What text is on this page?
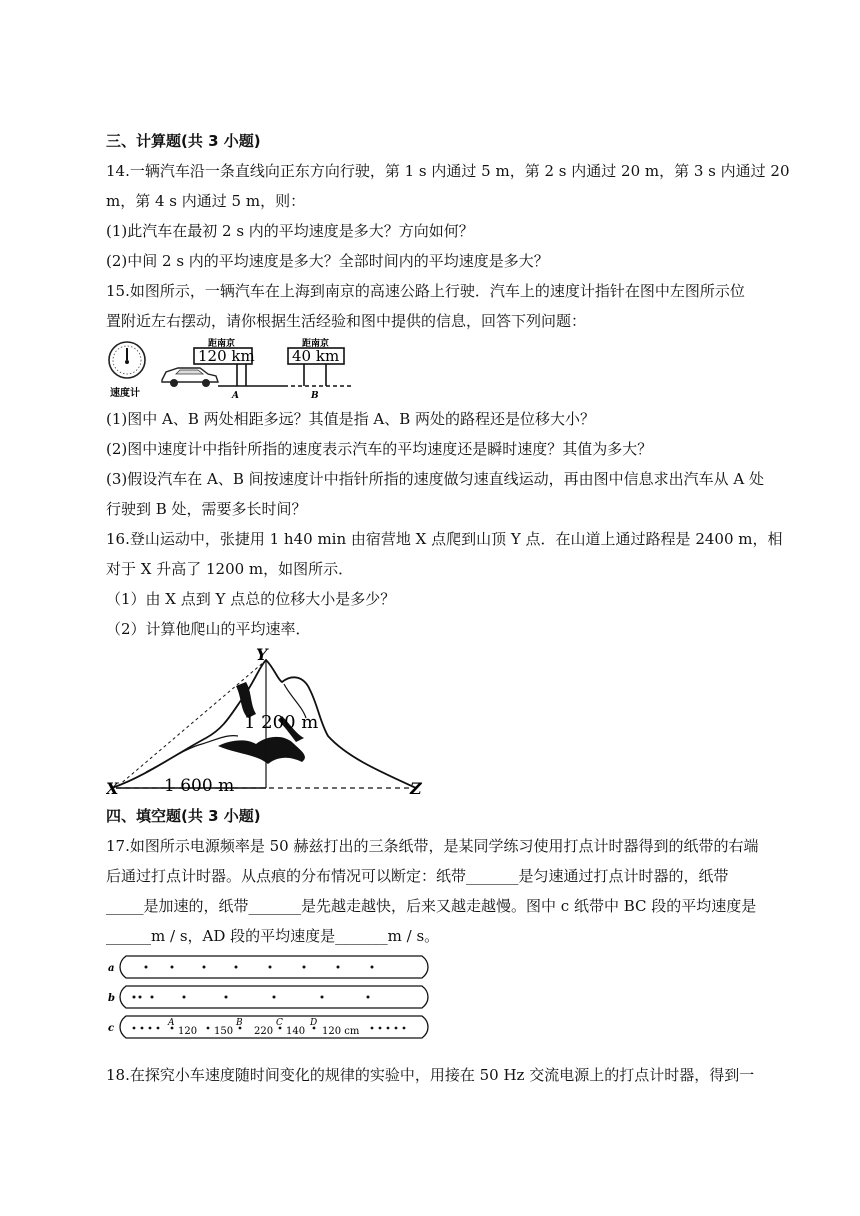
三、计算题(共 3 小题)
14.一辆汽车沿一条直线向正东方向行驶，第 1 s 内通过 5 m，第 2 s 内通过 20 m，第 3 s 内通过 20
m，第 4 s 内通过 5 m，则：
(1)此汽车在最初 2 s 内的平均速度是多大？方向如何？
(2)中间 2 s 内的平均速度是多大？全部时间内的平均速度是多大？
15.如图所示，一辆汽车在上海到南京的高速公路上行驶．汽车上的速度计指针在图中左图所示位
置附近左右摆动，请你根据生活经验和图中提供的信息，回答下列问题：
速度计
距南京
120 km
A
距南京
40 km
B
(1)图中 A、B 两处相距多远？其值是指 A、B 两处的路程还是位移大小？
(2)图中速度计中指针所指的速度表示汽车的平均速度还是瞬时速度？其值为多大？
(3)假设汽车在 A、B 间按速度计中指针所指的速度做匀速直线运动，再由图中信息求出汽车从 A 处
行驶到 B 处，需要多长时间？
16.登山运动中，张捷用 1 h40 min 由宿营地 X 点爬到山顶 Y 点．在山道上通过路程是 2400 m，相
对于 X 升高了 1200 m，如图所示．
（1）由 X 点到 Y 点总的位移大小是多少？
（2）计算他爬山的平均速率．
Y
X	Z
1 200 m
1 600 m
四、填空题(共 3 小题)
17.如图所示电源频率是 50 赫兹打出的三条纸带，是某同学练习使用打点计时器得到的纸带的右端
后通过打点计时器。从点痕的分布情况可以断定：纸带_______是匀速通过打点计时器的，纸带
_____是加速的，纸带_______是先越走越快，后来又越走越慢。图中 c 纸带中 BC 段的平均速度是
______m / s，AD 段的平均速度是_______m / s。
a
b
c	A	B	C	D
120 150 220 140 120 cm
18.在探究小车速度随时间变化的规律的实验中，用接在 50 Hz 交流电源上的打点计时器，得到一
